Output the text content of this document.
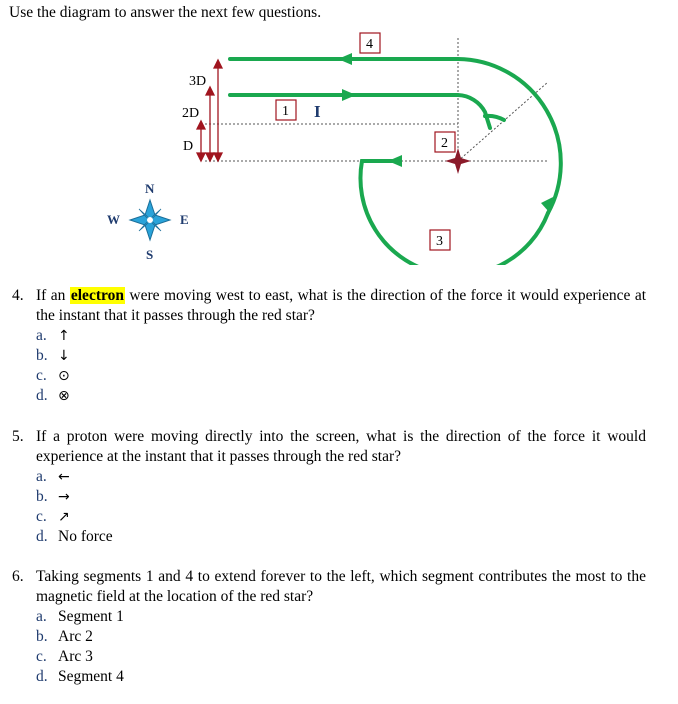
Use the diagram to answer the next few questions.
3D
2D
D
4
1
2
3
I
N
S
E
W
4. If an electron were moving west to east, what is the direction of the force it would experience at the instant that it passes through the red star?
a. ↑
b. ↓
c. ⊙
d. ⊗
5. If a proton were moving directly into the screen, what is the direction of the force it would experience at the instant that it passes through the red star?
a. ←
b. →
c. ↗
d. No force
6. Taking segments 1 and 4 to extend forever to the left, which segment contributes the most to the magnetic field at the location of the red star?
a. Segment 1
b. Arc 2
c. Arc 3
d. Segment 4
